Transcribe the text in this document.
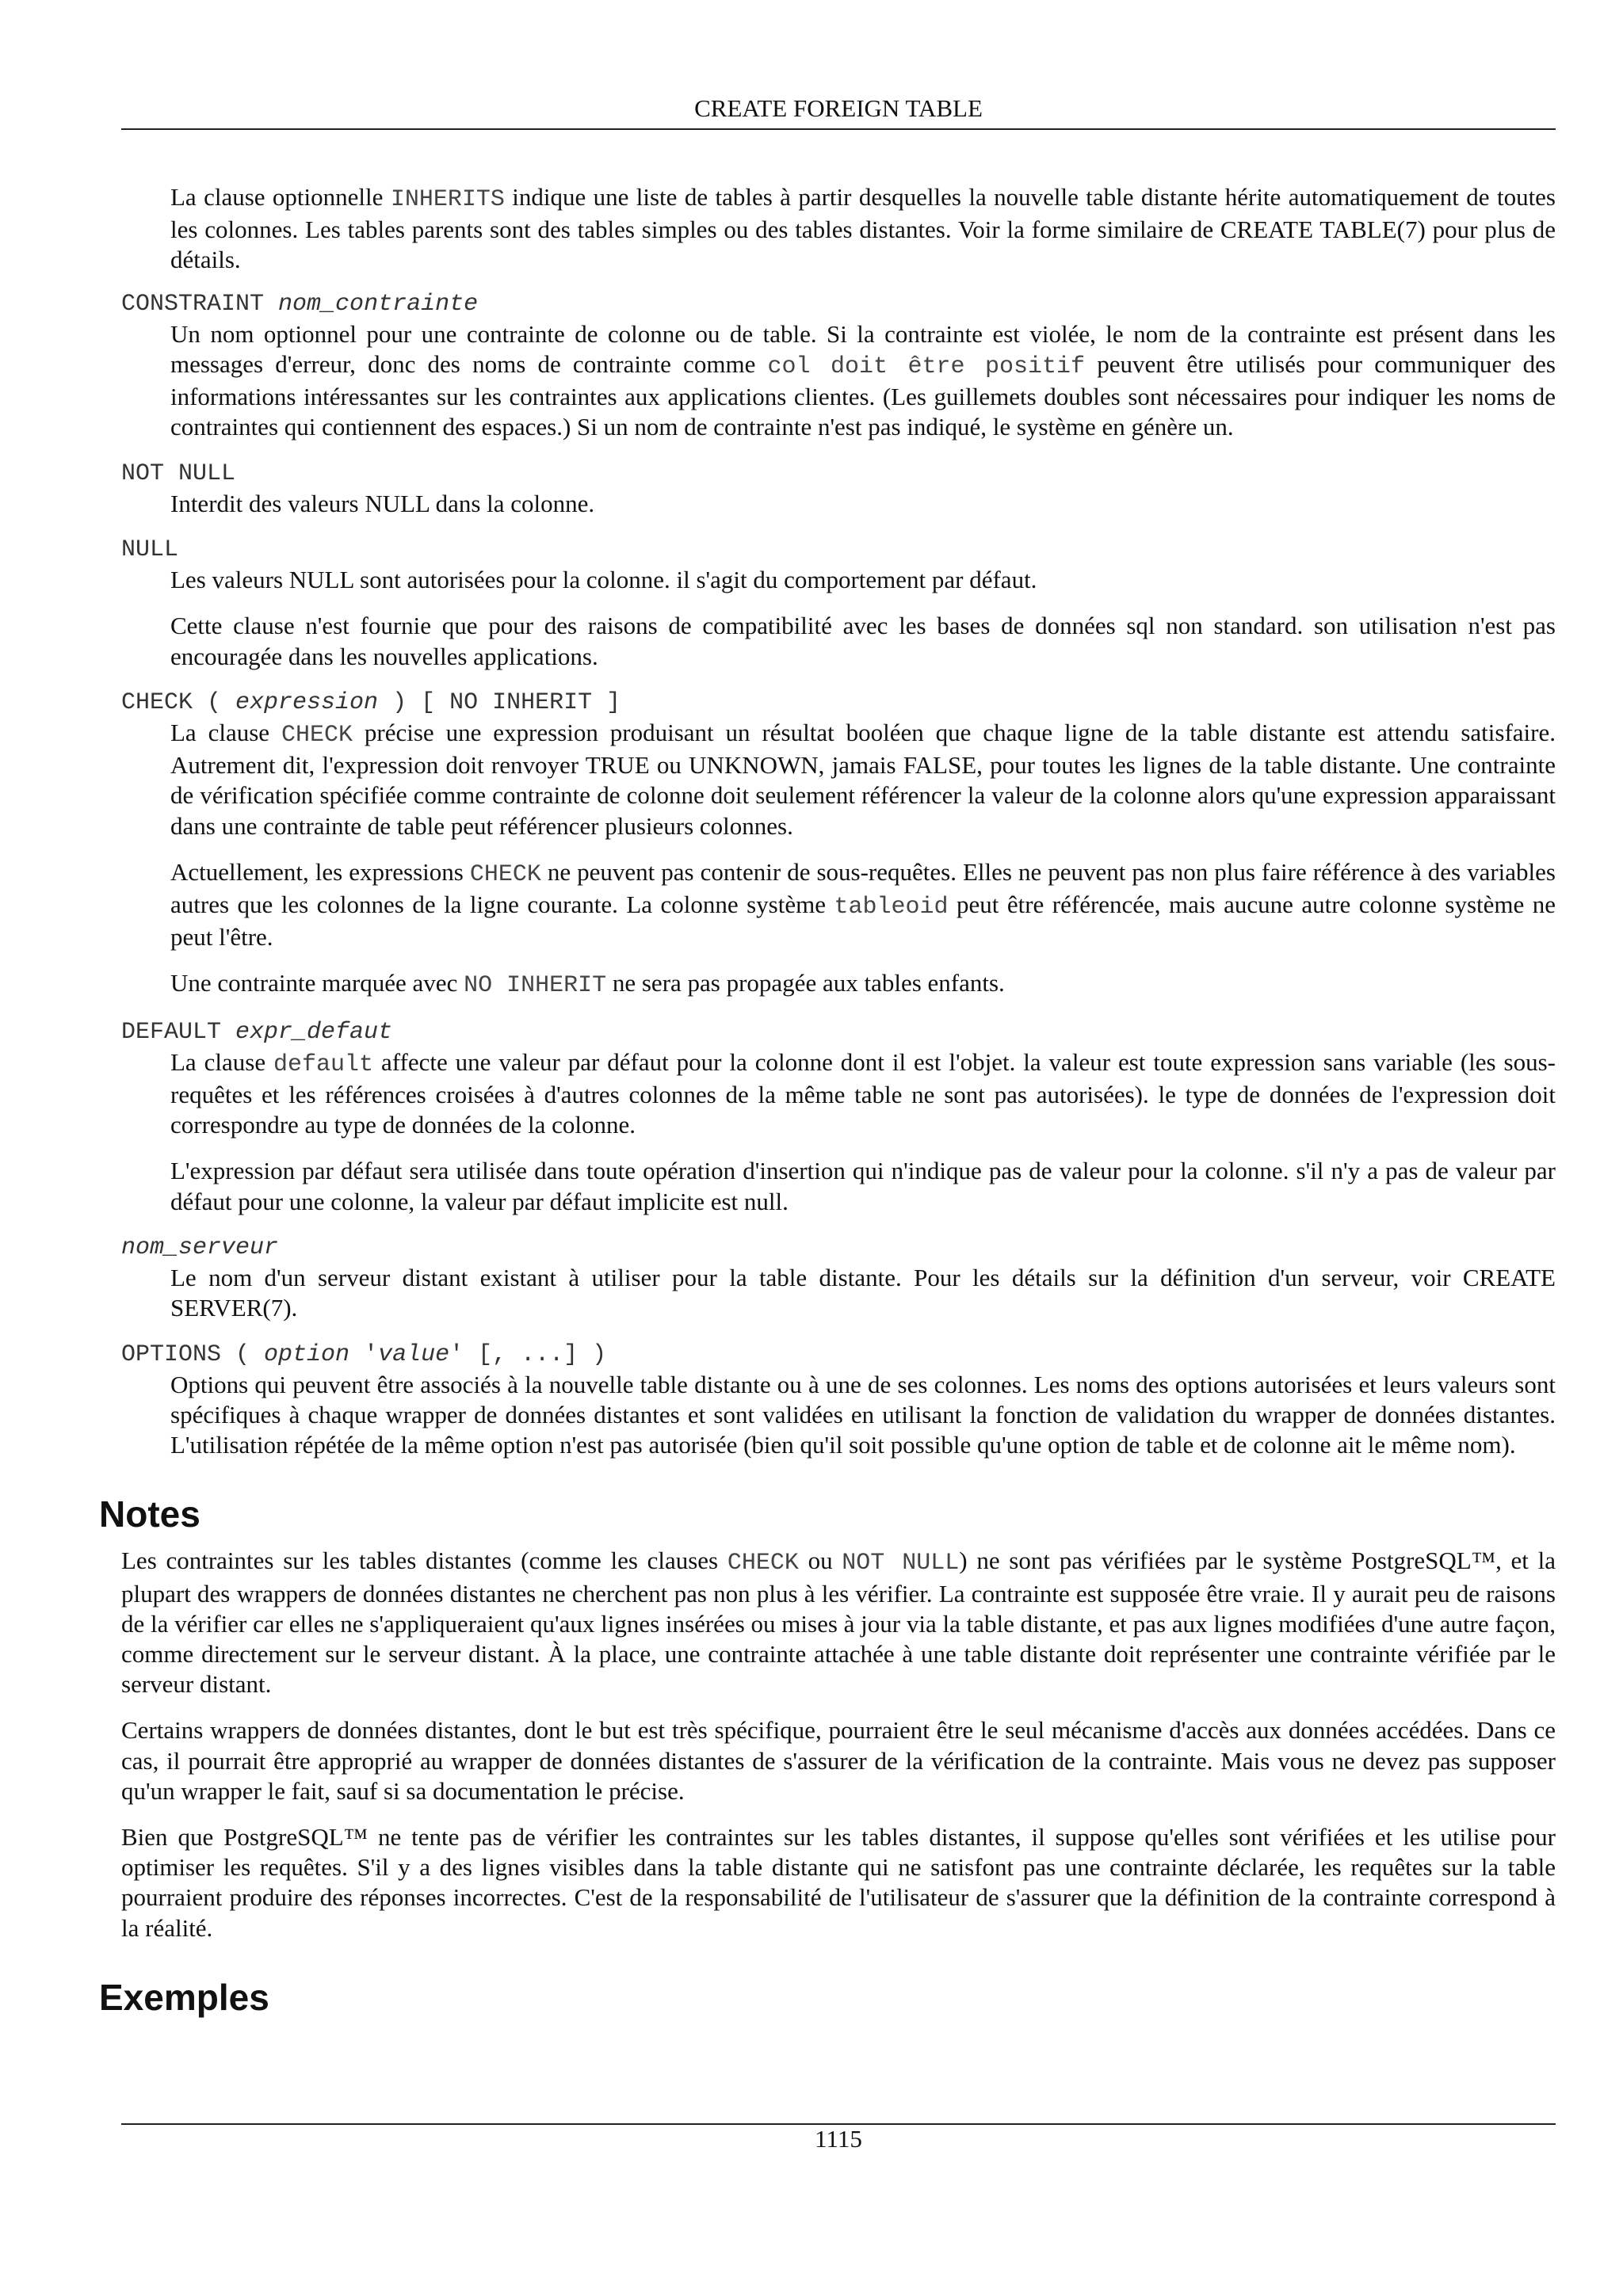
CREATE FOREIGN TABLE

La clause optionnelle INHERITS indique une liste de tables à partir desquelles la nouvelle table distante hérite automatiquement de toutes les colonnes. Les tables parents sont des tables simples ou des tables distantes. Voir la forme similaire de CREATE TABLE(7) pour plus de détails.

CONSTRAINT nom_contrainte

Un nom optionnel pour une contrainte de colonne ou de table. Si la contrainte est violée, le nom de la contrainte est présent dans les messages d'erreur, donc des noms de contrainte comme col doit être positif peuvent être utilisés pour communiquer des informations intéressantes sur les contraintes aux applications clientes. (Les guillemets doubles sont nécessaires pour indiquer les noms de contraintes qui contiennent des espaces.) Si un nom de contrainte n'est pas indiqué, le système en génère un.

NOT NULL

Interdit des valeurs NULL dans la colonne.

NULL

Les valeurs NULL sont autorisées pour la colonne. il s'agit du comportement par défaut.

Cette clause n'est fournie que pour des raisons de compatibilité avec les bases de données sql non standard. son utilisation n'est pas encouragée dans les nouvelles applications.

CHECK ( expression ) [ NO INHERIT ]

La clause CHECK précise une expression produisant un résultat booléen que chaque ligne de la table distante est attendu satisfaire. Autrement dit, l'expression doit renvoyer TRUE ou UNKNOWN, jamais FALSE, pour toutes les lignes de la table distante. Une contrainte de vérification spécifiée comme contrainte de colonne doit seulement référencer la valeur de la colonne alors qu'une expression apparaissant dans une contrainte de table peut référencer plusieurs colonnes.

Actuellement, les expressions CHECK ne peuvent pas contenir de sous-requêtes. Elles ne peuvent pas non plus faire référence à des variables autres que les colonnes de la ligne courante. La colonne système tableoid peut être référencée, mais aucune autre colonne système ne peut l'être.

Une contrainte marquée avec NO INHERIT ne sera pas propagée aux tables enfants.

DEFAULT expr_defaut

La clause default affecte une valeur par défaut pour la colonne dont il est l'objet. la valeur est toute expression sans variable (les sous-requêtes et les références croisées à d'autres colonnes de la même table ne sont pas autorisées). le type de données de l'expression doit correspondre au type de données de la colonne.

L'expression par défaut sera utilisée dans toute opération d'insertion qui n'indique pas de valeur pour la colonne. s'il n'y a pas de valeur par défaut pour une colonne, la valeur par défaut implicite est null.

nom_serveur

Le nom d'un serveur distant existant à utiliser pour la table distante. Pour les détails sur la définition d'un serveur, voir CREATE SERVER(7).

OPTIONS ( option 'value' [, ...] )

Options qui peuvent être associés à la nouvelle table distante ou à une de ses colonnes. Les noms des options autorisées et leurs valeurs sont spécifiques à chaque wrapper de données distantes et sont validées en utilisant la fonction de validation du wrapper de données distantes. L'utilisation répétée de la même option n'est pas autorisée (bien qu'il soit possible qu'une option de table et de colonne ait le même nom).

Notes

Les contraintes sur les tables distantes (comme les clauses CHECK ou NOT NULL) ne sont pas vérifiées par le système PostgreSQL™, et la plupart des wrappers de données distantes ne cherchent pas non plus à les vérifier. La contrainte est supposée être vraie. Il y aurait peu de raisons de la vérifier car elles ne s'appliqueraient qu'aux lignes insérées ou mises à jour via la table distante, et pas aux lignes modifiées d'une autre façon, comme directement sur le serveur distant. À la place, une contrainte attachée à une table distante doit représenter une contrainte vérifiée par le serveur distant.

Certains wrappers de données distantes, dont le but est très spécifique, pourraient être le seul mécanisme d'accès aux données accédées. Dans ce cas, il pourrait être approprié au wrapper de données distantes de s'assurer de la vérification de la contrainte. Mais vous ne devez pas supposer qu'un wrapper le fait, sauf si sa documentation le précise.

Bien que PostgreSQL™ ne tente pas de vérifier les contraintes sur les tables distantes, il suppose qu'elles sont vérifiées et les utilise pour optimiser les requêtes. S'il y a des lignes visibles dans la table distante qui ne satisfont pas une contrainte déclarée, les requêtes sur la table pourraient produire des réponses incorrectes. C'est de la responsabilité de l'utilisateur de s'assurer que la définition de la contrainte correspond à la réalité.

Exemples
1115
